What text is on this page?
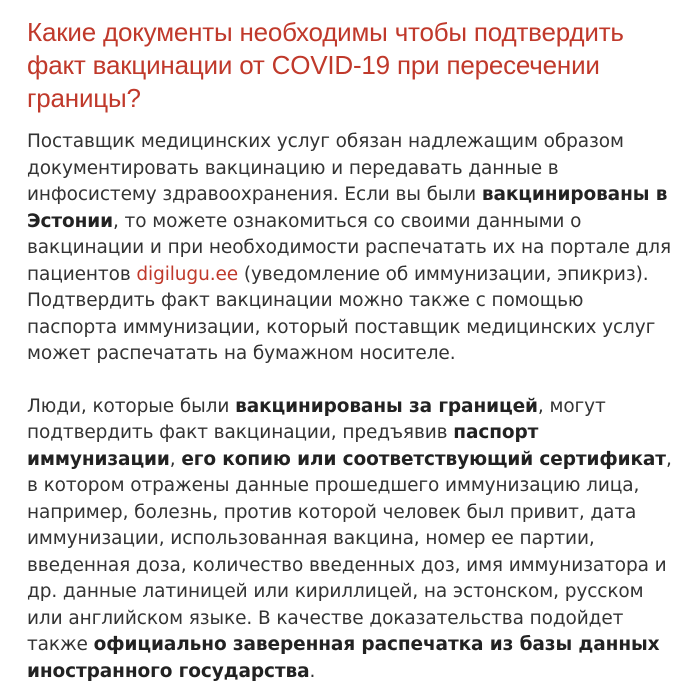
Какие документы необходимы чтобы подтвердить факт вакцинации от COVID-19 при пересечении границы?

Поставщик медицинских услуг обязан надлежащим образом документировать вакцинацию и передавать данные в инфосистему здравоохранения. Если вы были вакцинированы в Эстонии, то можете ознакомиться со своими данными о вакцинации и при необходимости распечатать их на портале для пациентов digilugu.ee (уведомление об иммунизации, эпикриз). Подтвердить факт вакцинации можно также с помощью паспорта иммунизации, который поставщик медицинских услуг может распечатать на бумажном носителе.

Люди, которые были вакцинированы за границей, могут подтвердить факт вакцинации, предъявив паспорт иммунизации, его копию или соответствующий сертификат, в котором отражены данные прошедшего иммунизацию лица, например, болезнь, против которой человек был привит, дата иммунизации, использованная вакцина, номер ее партии, введенная доза, количество введенных доз, имя иммунизатора и др. данные латиницей или кириллицей, на эстонском, русском или английском языке. В качестве доказательства подойдет также официально заверенная распечатка из базы данных иностранного государства.
